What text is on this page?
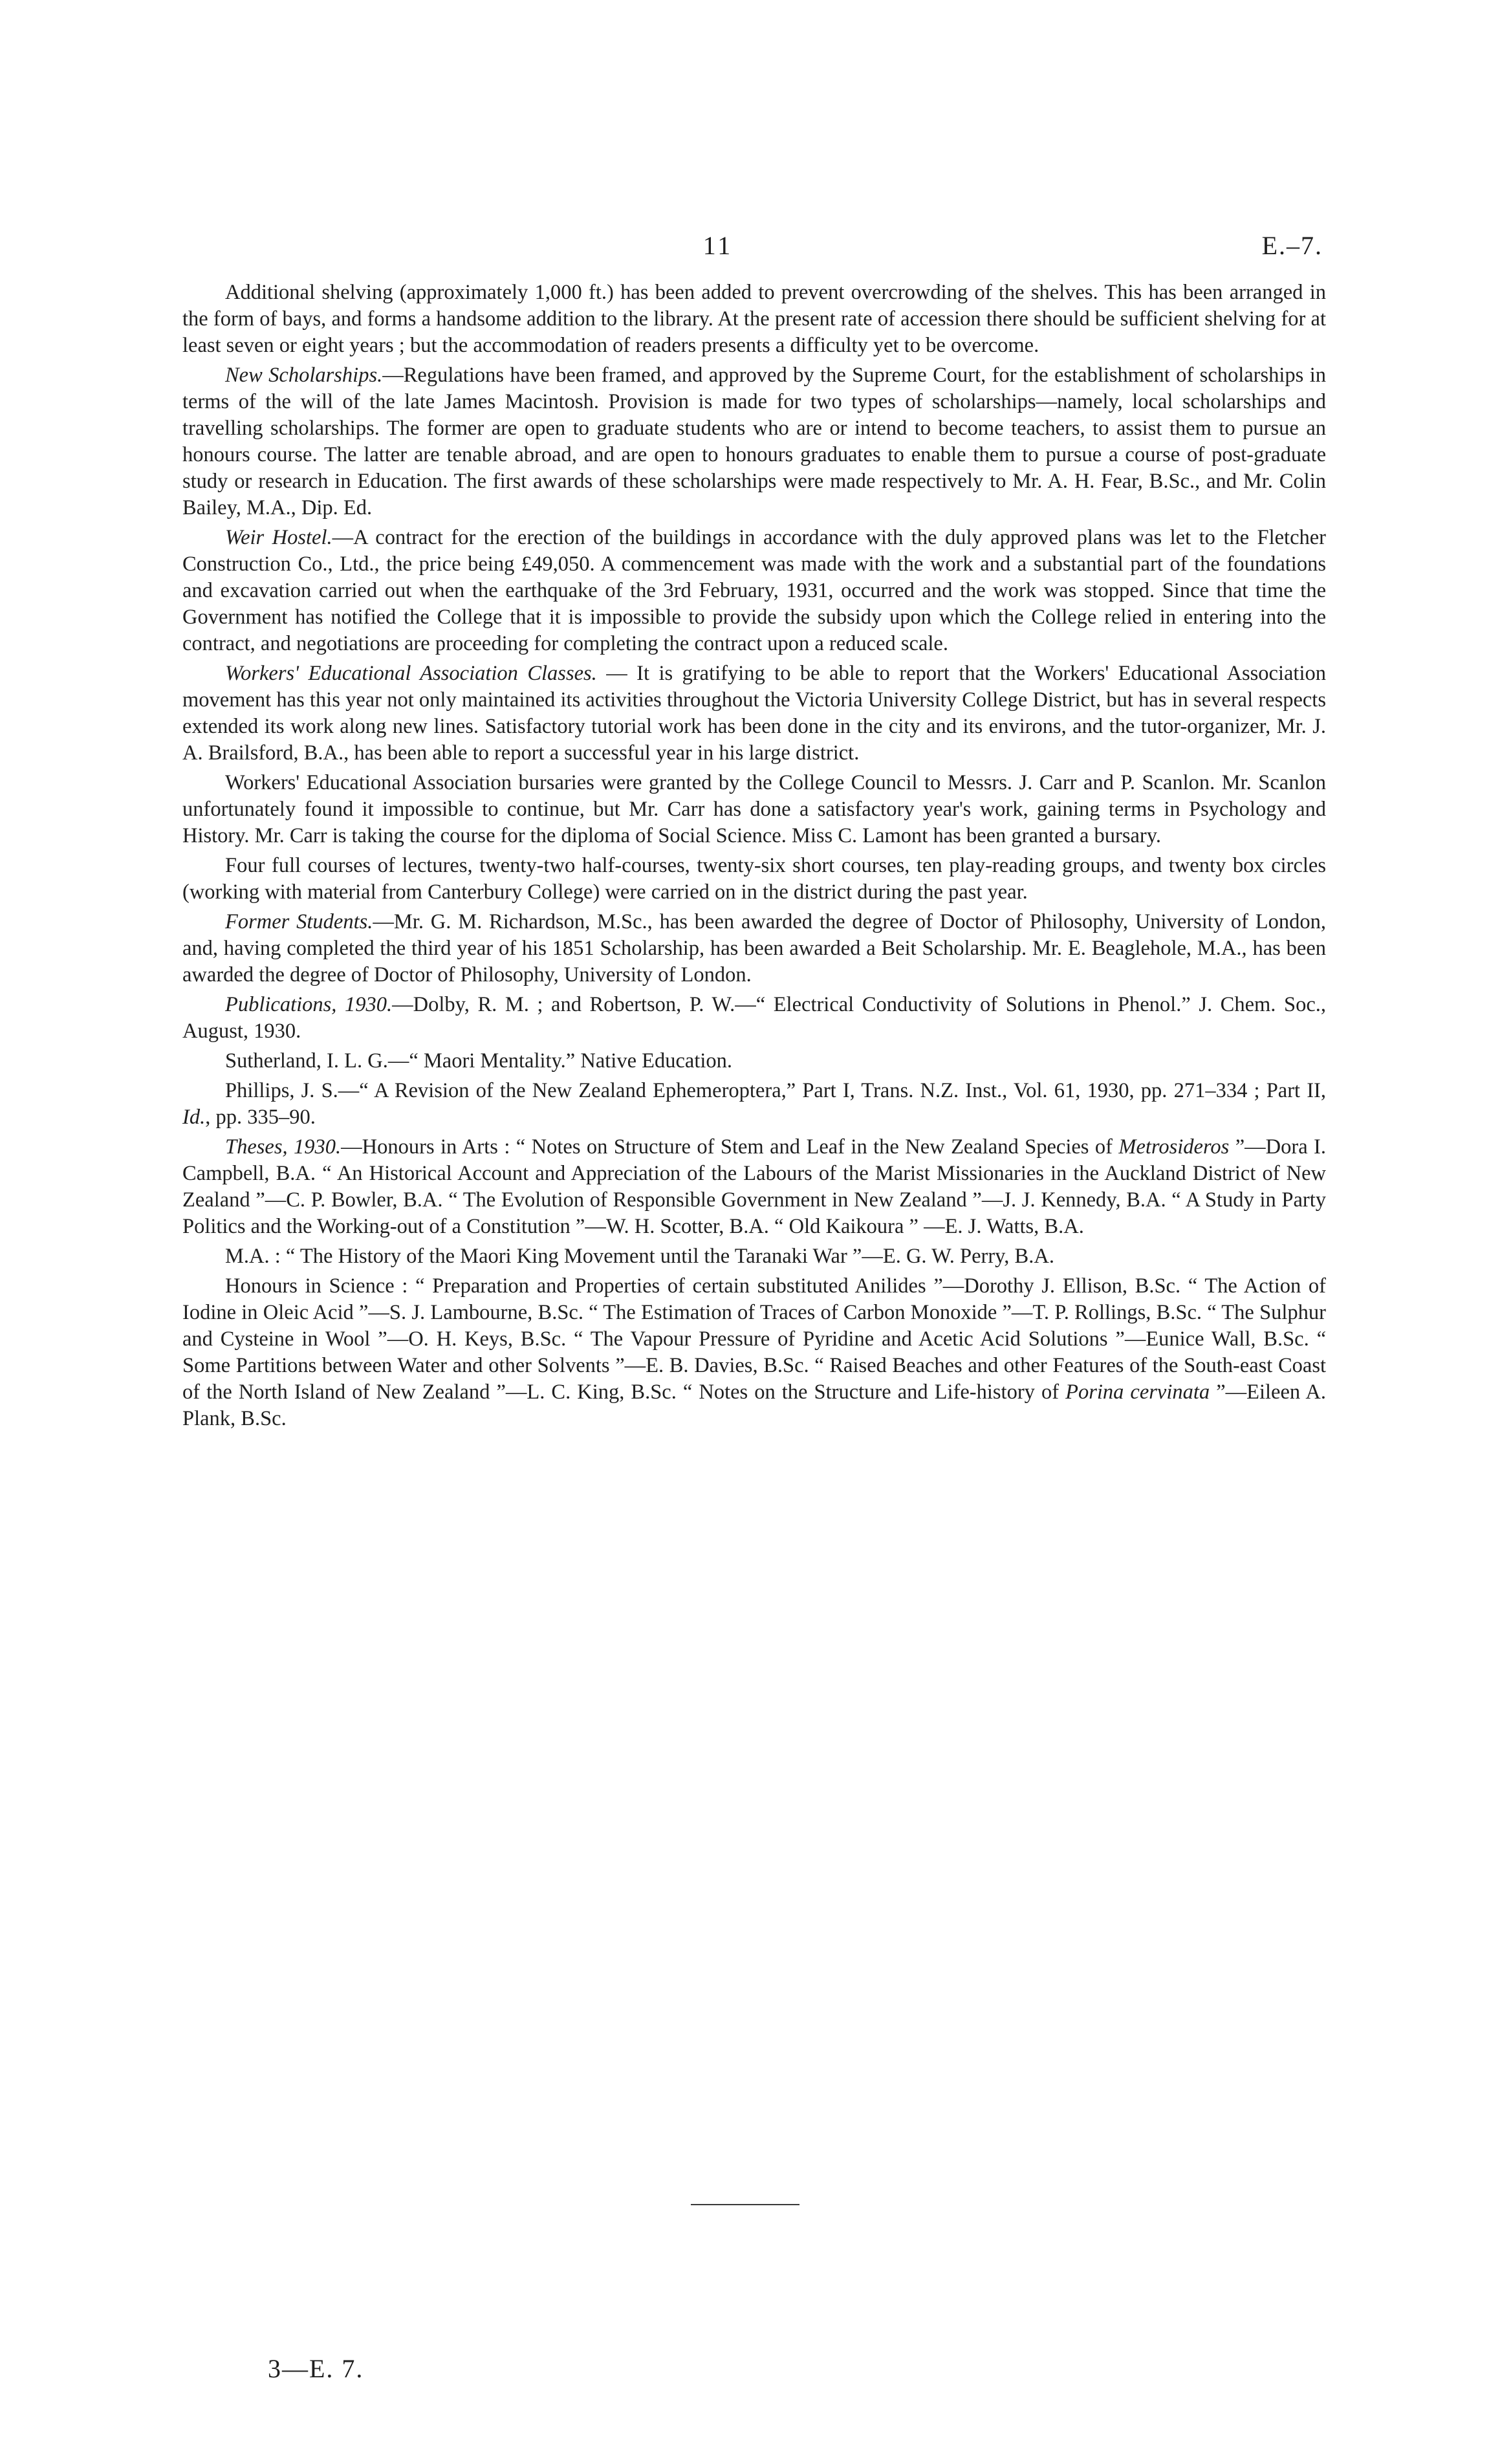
11	E.–7.

Additional shelving (approximately 1,000 ft.) has been added to prevent overcrowding of the shelves. This has been arranged in the form of bays, and forms a handsome addition to the library. At the present rate of accession there should be sufficient shelving for at least seven or eight years ; but the accommodation of readers presents a difficulty yet to be overcome.

New Scholarships.—Regulations have been framed, and approved by the Supreme Court, for the establishment of scholarships in terms of the will of the late James Macintosh. Provision is made for two types of scholarships—namely, local scholarships and travelling scholarships. The former are open to graduate students who are or intend to become teachers, to assist them to pursue an honours course. The latter are tenable abroad, and are open to honours graduates to enable them to pursue a course of post-graduate study or research in Education. The first awards of these scholarships were made respectively to Mr. A. H. Fear, B.Sc., and Mr. Colin Bailey, M.A., Dip. Ed.

Weir Hostel.—A contract for the erection of the buildings in accordance with the duly approved plans was let to the Fletcher Construction Co., Ltd., the price being £49,050. A commencement was made with the work and a substantial part of the foundations and excavation carried out when the earthquake of the 3rd February, 1931, occurred and the work was stopped. Since that time the Government has notified the College that it is impossible to provide the subsidy upon which the College relied in entering into the contract, and negotiations are proceeding for completing the contract upon a reduced scale.

Workers' Educational Association Classes. — It is gratifying to be able to report that the Workers' Educational Association movement has this year not only maintained its activities throughout the Victoria University College District, but has in several respects extended its work along new lines. Satisfactory tutorial work has been done in the city and its environs, and the tutor-organizer, Mr. J. A. Brailsford, B.A., has been able to report a successful year in his large district.

Workers' Educational Association bursaries were granted by the College Council to Messrs. J. Carr and P. Scanlon. Mr. Scanlon unfortunately found it impossible to continue, but Mr. Carr has done a satisfactory year's work, gaining terms in Psychology and History. Mr. Carr is taking the course for the diploma of Social Science. Miss C. Lamont has been granted a bursary.

Four full courses of lectures, twenty-two half-courses, twenty-six short courses, ten play-reading groups, and twenty box circles (working with material from Canterbury College) were carried on in the district during the past year.

Former Students.—Mr. G. M. Richardson, M.Sc., has been awarded the degree of Doctor of Philosophy, University of London, and, having completed the third year of his 1851 Scholarship, has been awarded a Beit Scholarship. Mr. E. Beaglehole, M.A., has been awarded the degree of Doctor of Philosophy, University of London.

Publications, 1930.—Dolby, R. M. ; and Robertson, P. W.—“ Electrical Conductivity of Solutions in Phenol.” J. Chem. Soc., August, 1930.

Sutherland, I. L. G.—“ Maori Mentality.” Native Education.

Phillips, J. S.—“ A Revision of the New Zealand Ephemeroptera,” Part I, Trans. N.Z. Inst., Vol. 61, 1930, pp. 271–334 ; Part II, Id., pp. 335–90.

Theses, 1930.—Honours in Arts : “ Notes on Structure of Stem and Leaf in the New Zealand Species of Metrosideros ”—Dora I. Campbell, B.A. “ An Historical Account and Appreciation of the Labours of the Marist Missionaries in the Auckland District of New Zealand ”—C. P. Bowler, B.A. “ The Evolution of Responsible Government in New Zealand ”—J. J. Kennedy, B.A. “ A Study in Party Politics and the Working-out of a Constitution ”—W. H. Scotter, B.A. “ Old Kaikoura ” —E. J. Watts, B.A.

M.A. : “ The History of the Maori King Movement until the Taranaki War ”—E. G. W. Perry, B.A.

Honours in Science : “ Preparation and Properties of certain substituted Anilides ”—Dorothy J. Ellison, B.Sc. “ The Action of Iodine in Oleic Acid ”—S. J. Lambourne, B.Sc. “ The Estimation of Traces of Carbon Monoxide ”—T. P. Rollings, B.Sc. “ The Sulphur and Cysteine in Wool ”—O. H. Keys, B.Sc. “ The Vapour Pressure of Pyridine and Acetic Acid Solutions ”—Eunice Wall, B.Sc. “ Some Partitions between Water and other Solvents ”—E. B. Davies, B.Sc. “ Raised Beaches and other Features of the South-east Coast of the North Island of New Zealand ”—L. C. King, B.Sc. “ Notes on the Structure and Life-history of Porina cervinata ”—Eileen A. Plank, B.Sc.

3—E. 7.
